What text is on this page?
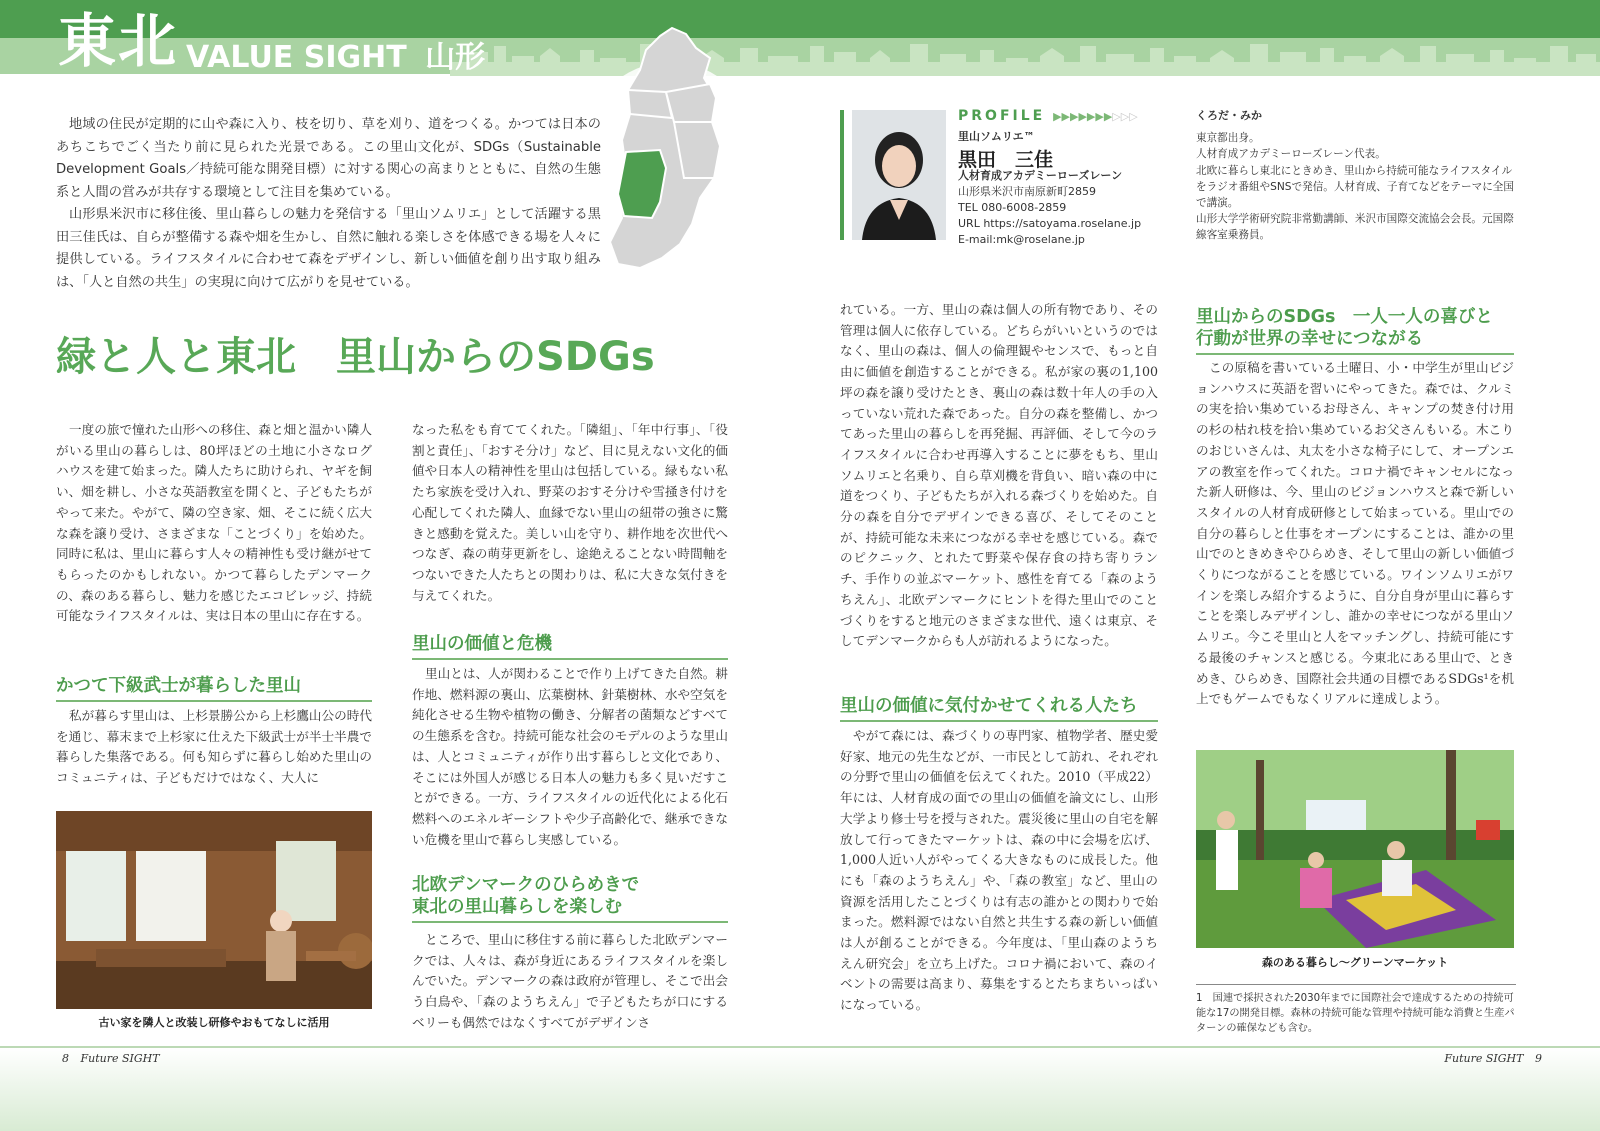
東北 VALUE SIGHT 山形

地域の住民が定期的に山や森に入り、枝を切り、草を刈り、道をつくる。かつては日本のあちこちでごく当たり前に見られた光景である。この里山文化が、SDGs（Sustainable Development Goals／持続可能な開発目標）に対する関心の高まりとともに、自然の生態系と人間の営みが共存する環境として注目を集めている。

山形県米沢市に移住後、里山暮らしの魅力を発信する「里山ソムリエ」として活躍する黒田三佳氏は、自らが整備する森や畑を生かし、自然に触れる楽しさを体感できる場を人々に提供している。ライフスタイルに合わせて森をデザインし、新しい価値を創り出す取り組みは、「人と自然の共生」の実現に向けて広がりを見せている。

緑と人と東北　里山からのSDGs

一度の旅で憧れた山形への移住、森と畑と温かい隣人がいる里山の暮らしは、80坪ほどの土地に小さなログハウスを建て始まった。隣人たちに助けられ、ヤギを飼い、畑を耕し、小さな英語教室を開くと、子どもたちがやって来た。やがて、隣の空き家、畑、そこに続く広大な森を譲り受け、さまざまな「ことづくり」を始めた。同時に私は、里山に暮らす人々の精神性も受け継がせてもらったのかもしれない。かつて暮らしたデンマークの、森のある暮らし、魅力を感じたエコビレッジ、持続可能なライフスタイルは、実は日本の里山に存在する。

かつて下級武士が暮らした里山

私が暮らす里山は、上杉景勝公から上杉鷹山公の時代を通じ、幕末まで上杉家に仕えた下級武士が半士半農で暮らした集落である。何も知らずに暮らし始めた里山のコミュニティは、子どもだけではなく、大人に

古い家を隣人と改装し研修やおもてなしに活用

なった私をも育ててくれた。「隣組」、「年中行事」、「役割と責任」、「おすそ分け」など、目に見えない文化的価値や日本人の精神性を里山は包括している。緑もない私たち家族を受け入れ、野菜のおすそ分けや雪掻き付けを心配してくれた隣人、血縁でない里山の紐帯の強さに驚きと感動を覚えた。美しい山を守り、耕作地を次世代へつなぎ、森の萌芽更新をし、途絶えることない時間軸をつないできた人たちとの関わりは、私に大きな気付きを与えてくれた。

里山の価値と危機

里山とは、人が関わることで作り上げてきた自然。耕作地、燃料源の裏山、広葉樹林、針葉樹林、水や空気を純化させる生物や植物の働き、分解者の菌類などすべての生態系を含む。持続可能な社会のモデルのような里山は、人とコミュニティが作り出す暮らしと文化であり、そこには外国人が感じる日本人の魅力も多く見いだすことができる。一方、ライフスタイルの近代化による化石燃料へのエネルギーシフトや少子高齢化で、継承できない危機を里山で暮らし実感している。

北欧デンマークのひらめきで
東北の里山暮らしを楽しむ

ところで、里山に移住する前に暮らした北欧デンマークでは、人々は、森が身近にあるライフスタイルを楽しんでいた。デンマークの森は政府が管理し、そこで出会う白鳥や、「森のようちえん」で子どもたちが口にするベリーも偶然ではなくすべてがデザインさ

PROFILE ▶▶▶▶▶▶▶▷▷▷
里山ソムリエ™
黒田　三佳
人材育成アカデミーローズレーン
山形県米沢市南原新町2859
TEL 080-6008-2859
URL https://satoyama.roselane.jp
E-mail:mk@roselane.jp
くろだ・みか

東京都出身。

人材育成アカデミーローズレーン代表。

北欧に暮らし東北にときめき、里山から持続可能なライフスタイルをラジオ番組やSNSで発信。人材育成、子育てなどをテーマに全国で講演。

山形大学学術研究院非常勤講師、米沢市国際交流協会会長。元国際線客室乗務員。

れている。一方、里山の森は個人の所有物であり、その管理は個人に依存している。どちらがいいというのではなく、里山の森は、個人の倫理観やセンスで、もっと自由に価値を創造することができる。私が家の裏の1,100坪の森を譲り受けたとき、裏山の森は数十年人の手の入っていない荒れた森であった。自分の森を整備し、かつてあった里山の暮らしを再発掘、再評価、そして今のライフスタイルに合わせ再導入することに夢をもち、里山ソムリエと名乗り、自ら草刈機を背負い、暗い森の中に道をつくり、子どもたちが入れる森づくりを始めた。自分の森を自分でデザインできる喜び、そしてそのことが、持続可能な未来につながる幸せを感じている。森でのピクニック、とれたて野菜や保存食の持ち寄りランチ、手作りの並ぶマーケット、感性を育てる「森のようちえん」、北欧デンマークにヒントを得た里山でのことづくりをすると地元のさまざまな世代、遠くは東京、そしてデンマークからも人が訪れるようになった。

里山の価値に気付かせてくれる人たち

やがて森には、森づくりの専門家、植物学者、歴史愛好家、地元の先生などが、一市民として訪れ、それぞれの分野で里山の価値を伝えてくれた。2010（平成22）年には、人材育成の面での里山の価値を論文にし、山形大学より修士号を授与された。震災後に里山の自宅を解放して行ってきたマーケットは、森の中に会場を広げ、1,000人近い人がやってくる大きなものに成長した。他にも「森のようちえん」や、「森の教室」など、里山の資源を活用したことづくりは有志の誰かとの関わりで始まった。燃料源ではない自然と共生する森の新しい価値は人が創ることができる。今年度は、「里山森のようちえん研究会」を立ち上げた。コロナ禍において、森のイベントの需要は高まり、募集をするとたちまちいっぱいになっている。

里山からのSDGs　一人一人の喜びと
行動が世界の幸せにつながる

この原稿を書いている土曜日、小・中学生が里山ビジョンハウスに英語を習いにやってきた。森では、クルミの実を拾い集めているお母さん、キャンプの焚き付け用の杉の枯れ枝を拾い集めているお父さんもいる。木こりのおじいさんは、丸太を小さな椅子にして、オープンエアの教室を作ってくれた。コロナ禍でキャンセルになった新人研修は、今、里山のビジョンハウスと森で新しいスタイルの人材育成研修として始まっている。里山での自分の暮らしと仕事をオープンにすることは、誰かの里山でのときめきやひらめき、そして里山の新しい価値づくりにつながることを感じている。ワインソムリエがワインを楽しみ紹介するように、自分自身が里山に暮らすことを楽しみデザインし、誰かの幸せにつながる里山ソムリエ。今こそ里山と人をマッチングし、持続可能にする最後のチャンスと感じる。今東北にある里山で、ときめき、ひらめき、国際社会共通の目標であるSDGs¹を机上でもゲームでもなくリアルに達成しよう。

森のある暮らし～グリーンマーケット
1　国連で採択された2030年までに国際社会で達成するための持続可能な17の開発目標。森林の持続可能な管理や持続可能な消費と生産パターンの確保なども含む。
8 Future SIGHT	Future SIGHT 9
